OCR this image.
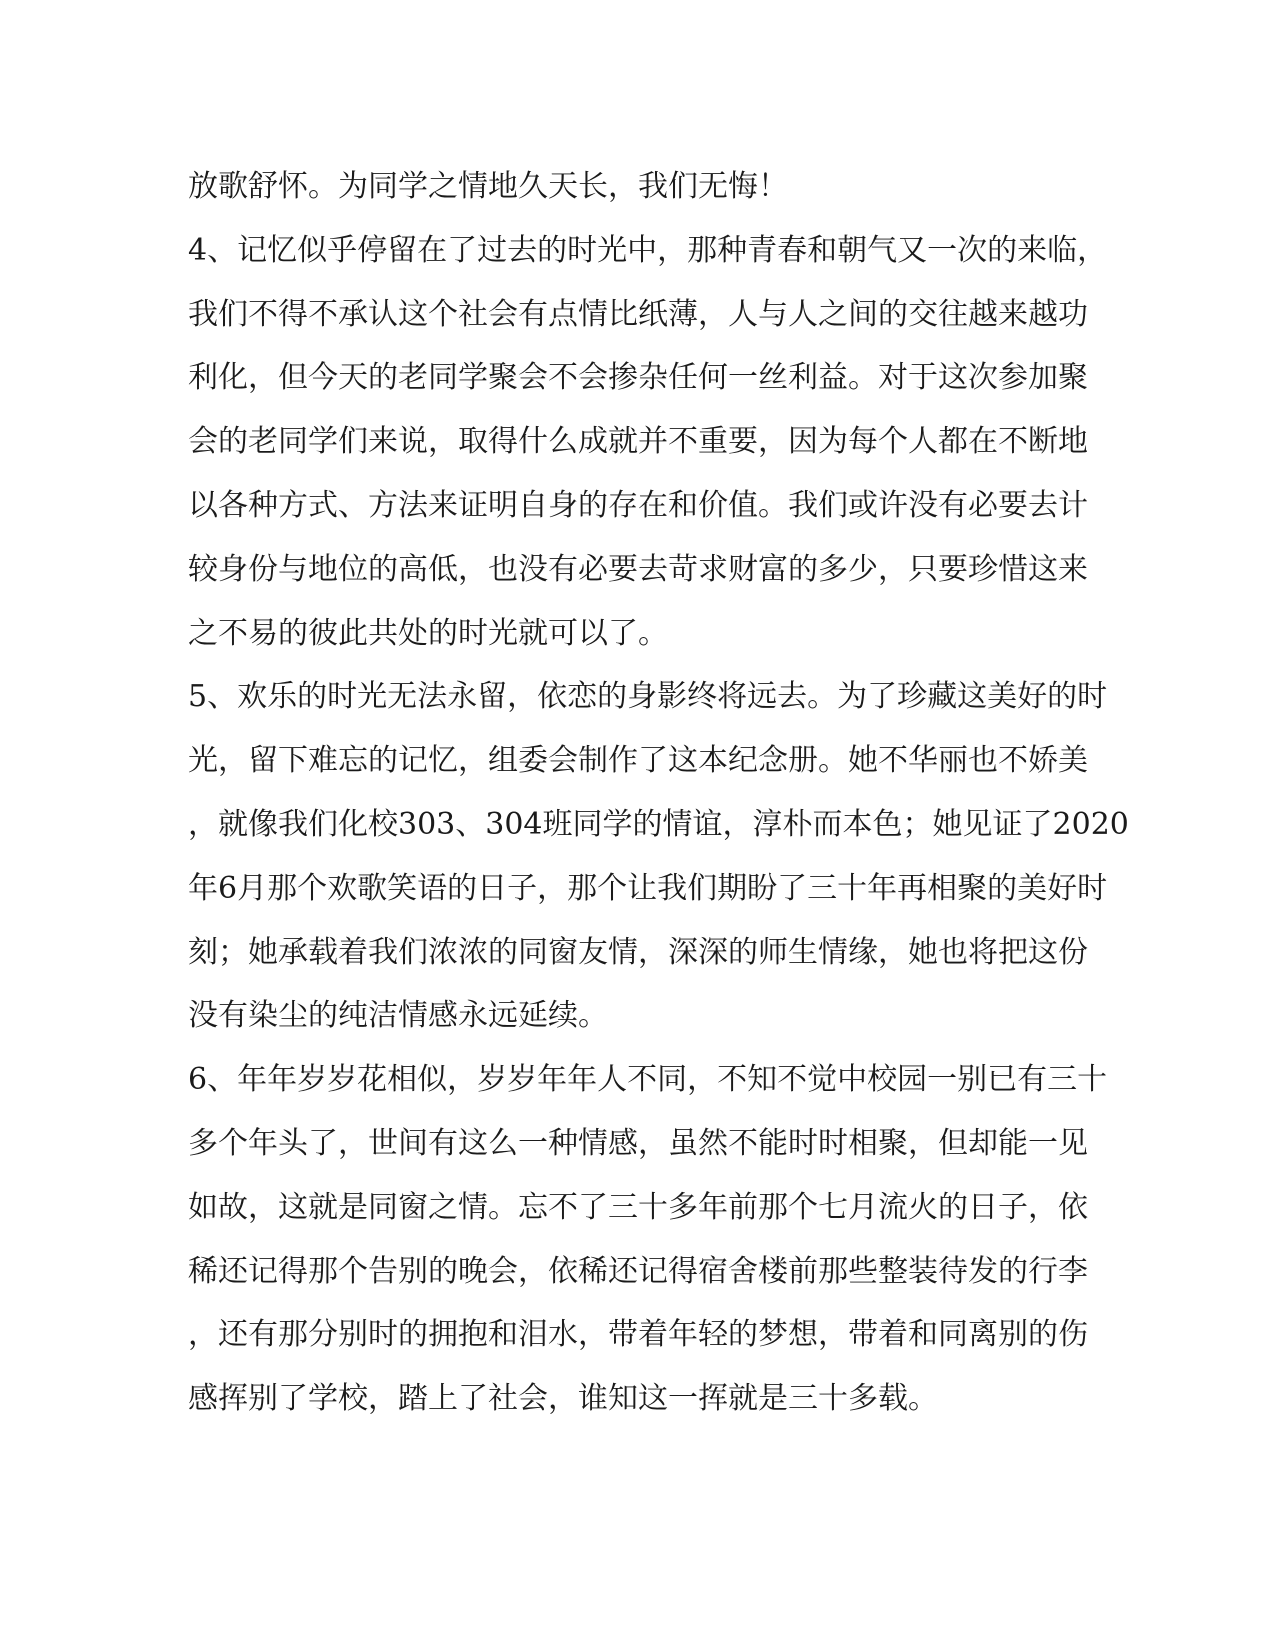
放歌舒怀。为同学之情地久天长，我们无悔！
4、记忆似乎停留在了过去的时光中，那种青春和朝气又一次的来临，
我们不得不承认这个社会有点情比纸薄，人与人之间的交往越来越功
利化，但今天的老同学聚会不会掺杂任何一丝利益。对于这次参加聚
会的老同学们来说，取得什么成就并不重要，因为每个人都在不断地
以各种方式、方法来证明自身的存在和价值。我们或许没有必要去计
较身份与地位的高低，也没有必要去苛求财富的多少，只要珍惜这来
之不易的彼此共处的时光就可以了。
5、欢乐的时光无法永留，依恋的身影终将远去。为了珍藏这美好的时
光，留下难忘的记忆，组委会制作了这本纪念册。她不华丽也不娇美
，就像我们化校303、304班同学的情谊，淳朴而本色；她见证了2020
年6月那个欢歌笑语的日子，那个让我们期盼了三十年再相聚的美好时
刻；她承载着我们浓浓的同窗友情，深深的师生情缘，她也将把这份
没有染尘的纯洁情感永远延续。
6、年年岁岁花相似，岁岁年年人不同，不知不觉中校园一别已有三十
多个年头了，世间有这么一种情感，虽然不能时时相聚，但却能一见
如故，这就是同窗之情。忘不了三十多年前那个七月流火的日子，依
稀还记得那个告别的晚会，依稀还记得宿舍楼前那些整装待发的行李
，还有那分别时的拥抱和泪水，带着年轻的梦想，带着和同离别的伤
感挥别了学校，踏上了社会，谁知这一挥就是三十多载。
